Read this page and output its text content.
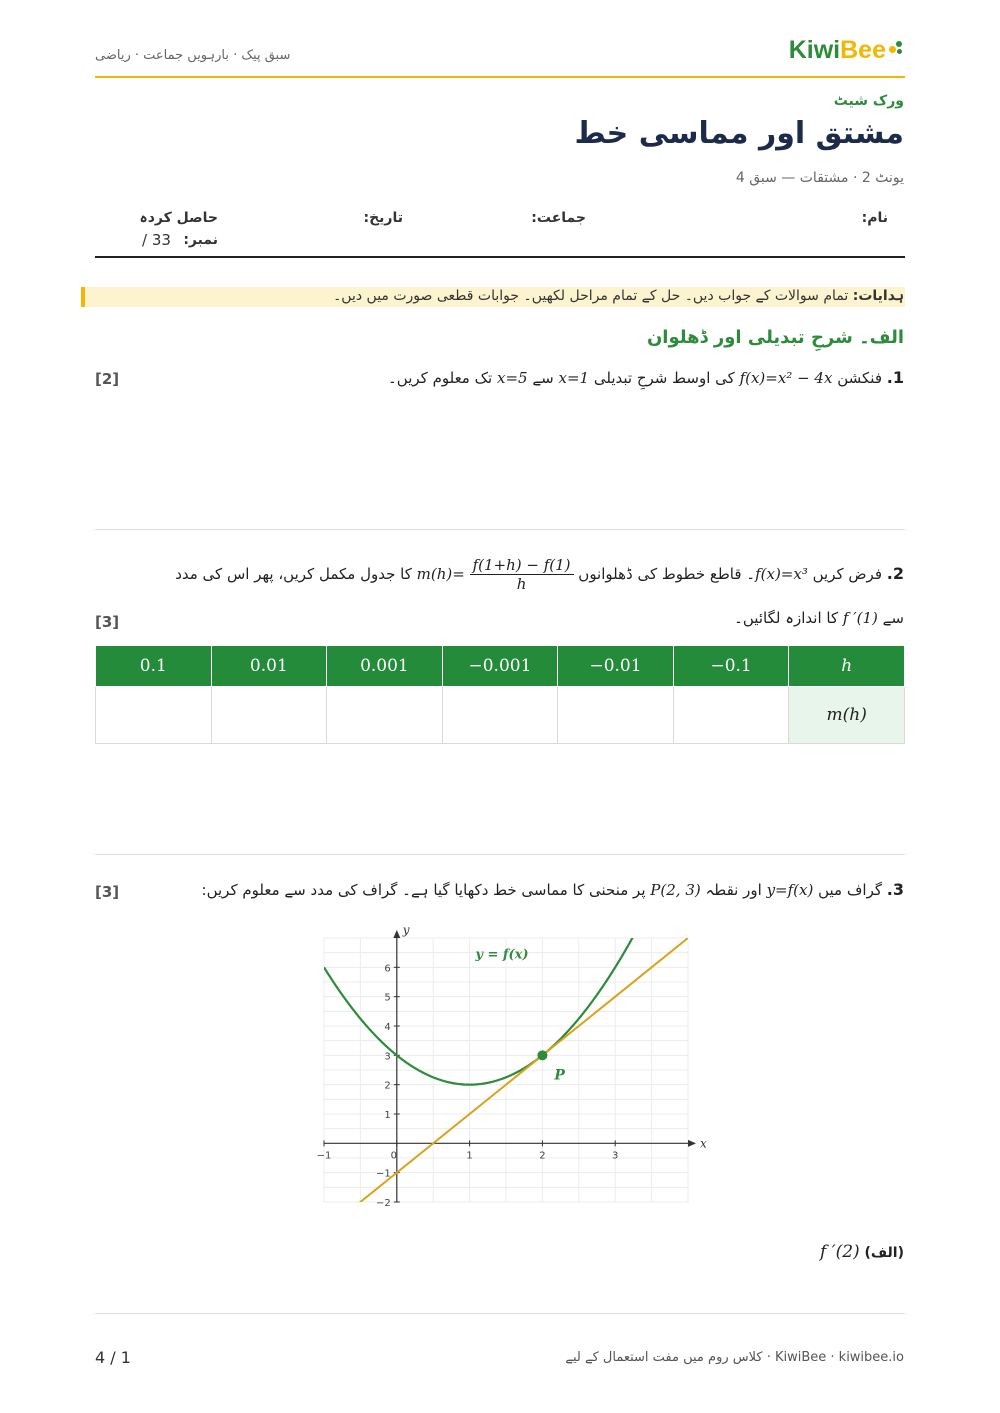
سبق پیک · بارہویں جماعت · ریاضی	KiwiBee
ورک شیٹ
مشتق اور مماسی خط
یونٹ 2 · مشتقات — سبق 4
نام:
جماعت:
تاریخ:
حاصل کردہ
نمبر:
/ 33
ہدایات: تمام سوالات کے جواب دیں۔ حل کے تمام مراحل لکھیں۔ جوابات قطعی صورت میں دیں۔
الف۔ شرحِ تبدیلی اور ڈھلوان
1. فنکشن f(x)=x² − 4x کی اوسط شرحِ تبدیلی x=1 سے x=5 تک معلوم کریں۔
[2]
2. فرض کریں f(x)=x³۔ قاطع خطوط کی ڈھلوانوں $m(h)= \frac{f(1+h) - f(1)}{h}$
کا جدول مکمل کریں، پھر اس کی مدد
سے f ′(1) کا اندازہ لگائیں۔
[3]
0.1	0.01	0.001	−0.001	−0.01	−0.1	h
						m(h)
3. گراف میں y=f(x) اور نقطہ P(2, 3) پر منحنی کا مماسی خط دکھایا گیا ہے۔ گراف کی مدد سے معلوم کریں:
[3]
x
y
−1	0	1	2	3
−2
−1
1
2
3
4
5
6
y = f(x)
P
(الف) f ′(2)
KiwiBee · kiwibee.io · کلاس روم میں مفت استعمال کے لیے
4 / 1
